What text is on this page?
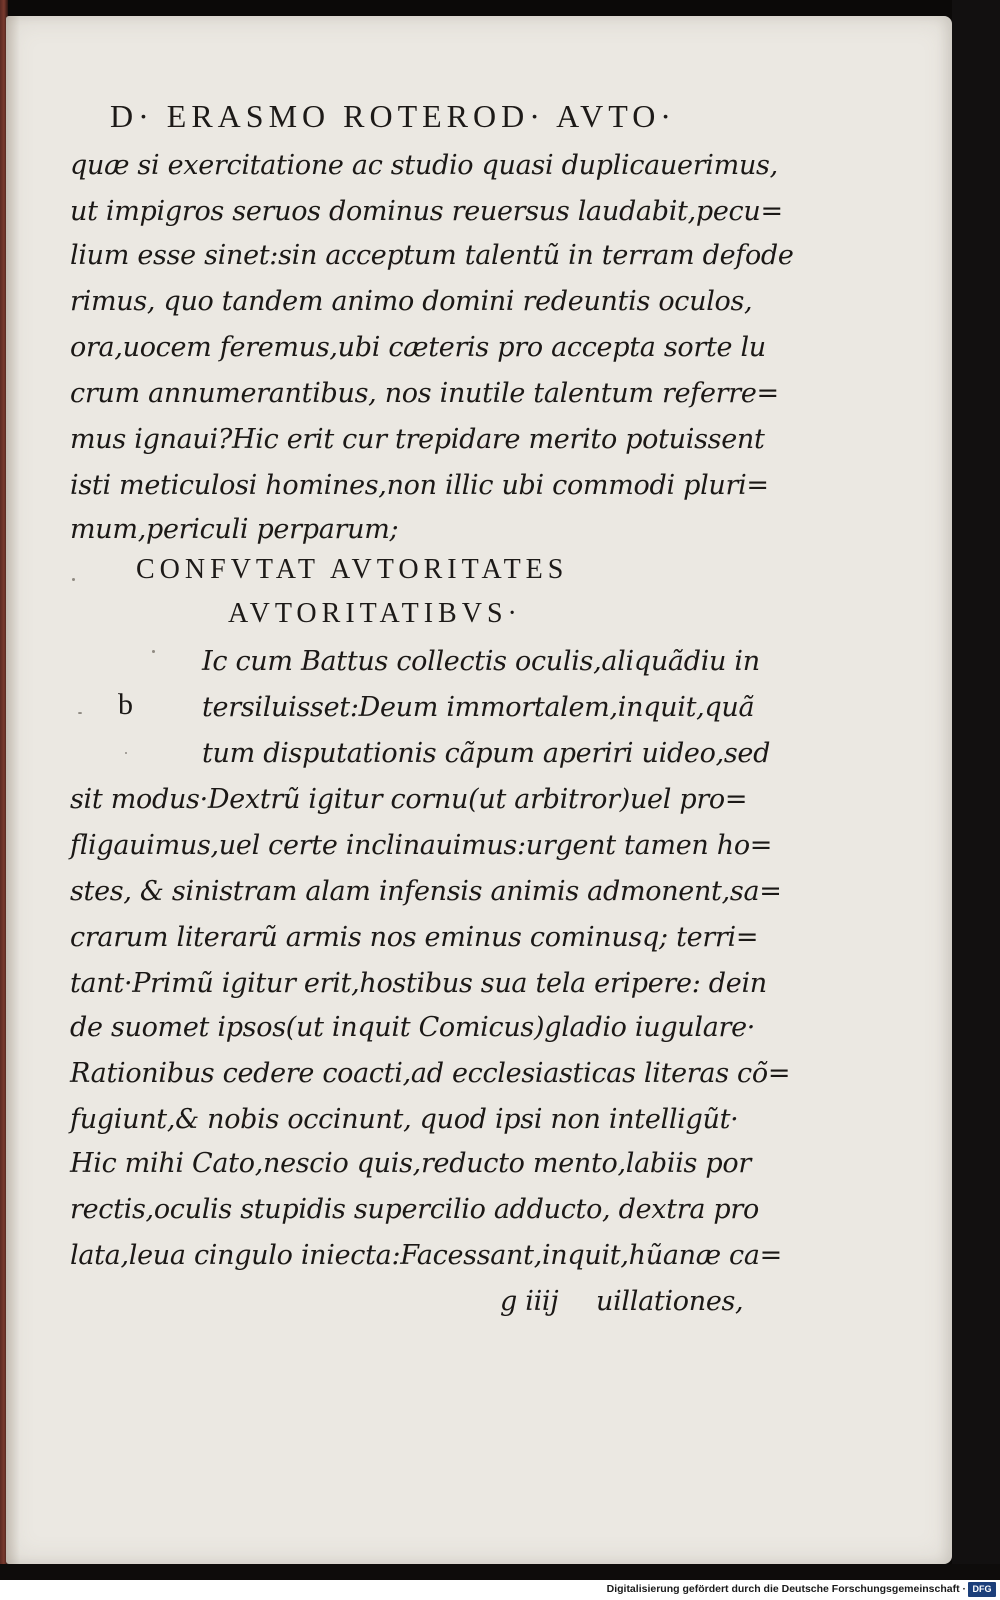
D· ERASMO ROTEROD· AVTO·
quæ si exercitatione ac studio quasi duplicauerimus,
ut impigros seruos dominus reuersus laudabit,pecu=
lium esse sinet:sin acceptum talentũ in terram defode
rimus, quo tandem animo domini redeuntis oculos,
ora,uocem feremus,ubi cæteris pro accepta sorte lu
crum annumerantibus, nos inutile talentum referre=
mus ignaui?Hic erit cur trepidare merito potuissent
isti meticulosi homines,non illic ubi commodi pluri=
mum,periculi perparum;
CONFVTAT AVTORITATES
AVTORITATIBVS·
b
Ic cum Battus collectis oculis,aliquãdiu in
tersiluisset:Deum immortalem,inquit,quã
tum disputationis cãpum aperiri uideo,sed
sit modus·Dextrũ igitur cornu(ut arbitror)uel pro=
fligauimus,uel certe inclinauimus:urgent tamen ho=
stes, & sinistram alam infensis animis admonent,sa=
crarum literarũ armis nos eminus cominusq; terri=
tant·Primũ igitur erit,hostibus sua tela eripere: dein
de suomet ipsos(ut inquit Comicus)gladio iugulare·
Rationibus cedere coacti,ad ecclesiasticas literas cõ=
fugiunt,& nobis occinunt, quod ipsi non intelligũt·
Hic mihi Cato,nescio quis,reducto mento,labiis por
rectis,oculis stupidis supercilio adducto, dextra pro
lata,leua cingulo iniecta:Facessant,inquit,hũanæ ca=
g iiij uillationes,
Digitalisierung gefördert durch die Deutsche Forschungsgemeinschaft · DFG
